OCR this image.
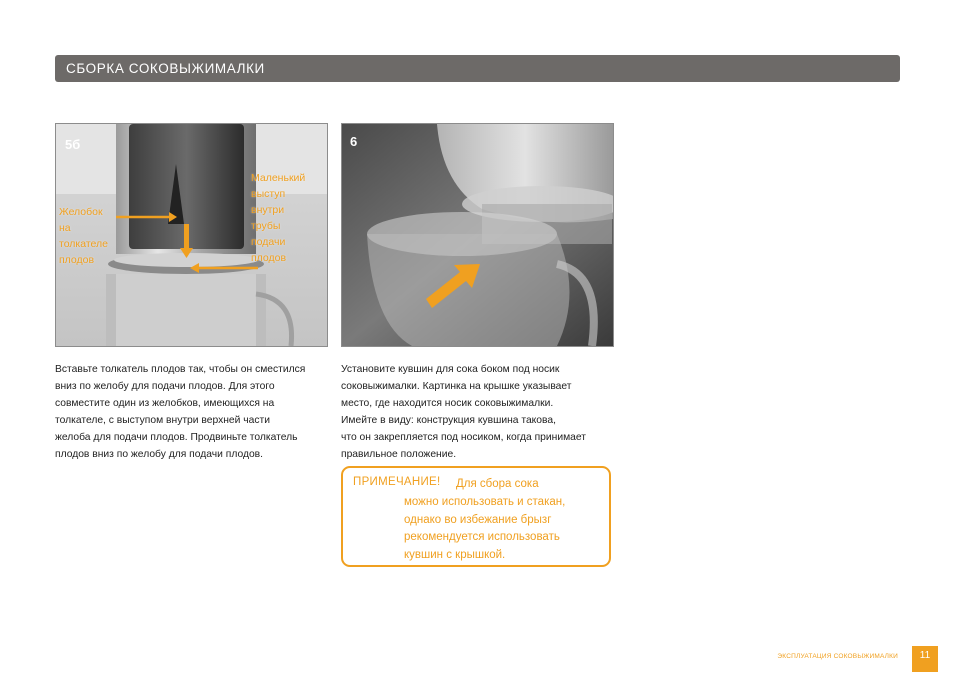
СБОРКА СОКОВЫЖИМАЛКИ
5б
Желобок
на
толкателе
плодов
Маленький
выступ
внутри
трубы
подачи
плодов
6
Вставьте толкатель плодов так, чтобы он сместился
вниз по желобу для подачи плодов. Для этого
совместите один из желобков, имеющихся на
толкателе, с выступом внутри верхней части
желоба для подачи плодов. Продвиньте толкатель
плодов вниз по желобу для подачи плодов.
Установите кувшин для сока боком под носик
соковыжималки. Картинка на крышке указывает
место, где находится носик соковыжималки.
Имейте в виду: конструкция кувшина такова,
что он закрепляется под носиком, когда принимает
правильное положение.
ПРИМЕЧАНИЕ!	Для сбора сока
можно использовать и стакан,
однако во избежание брызг
рекомендуется использовать
кувшин с крышкой.
ЭКСПЛУАТАЦИЯ СОКОВЫЖИМАЛКИ	11
